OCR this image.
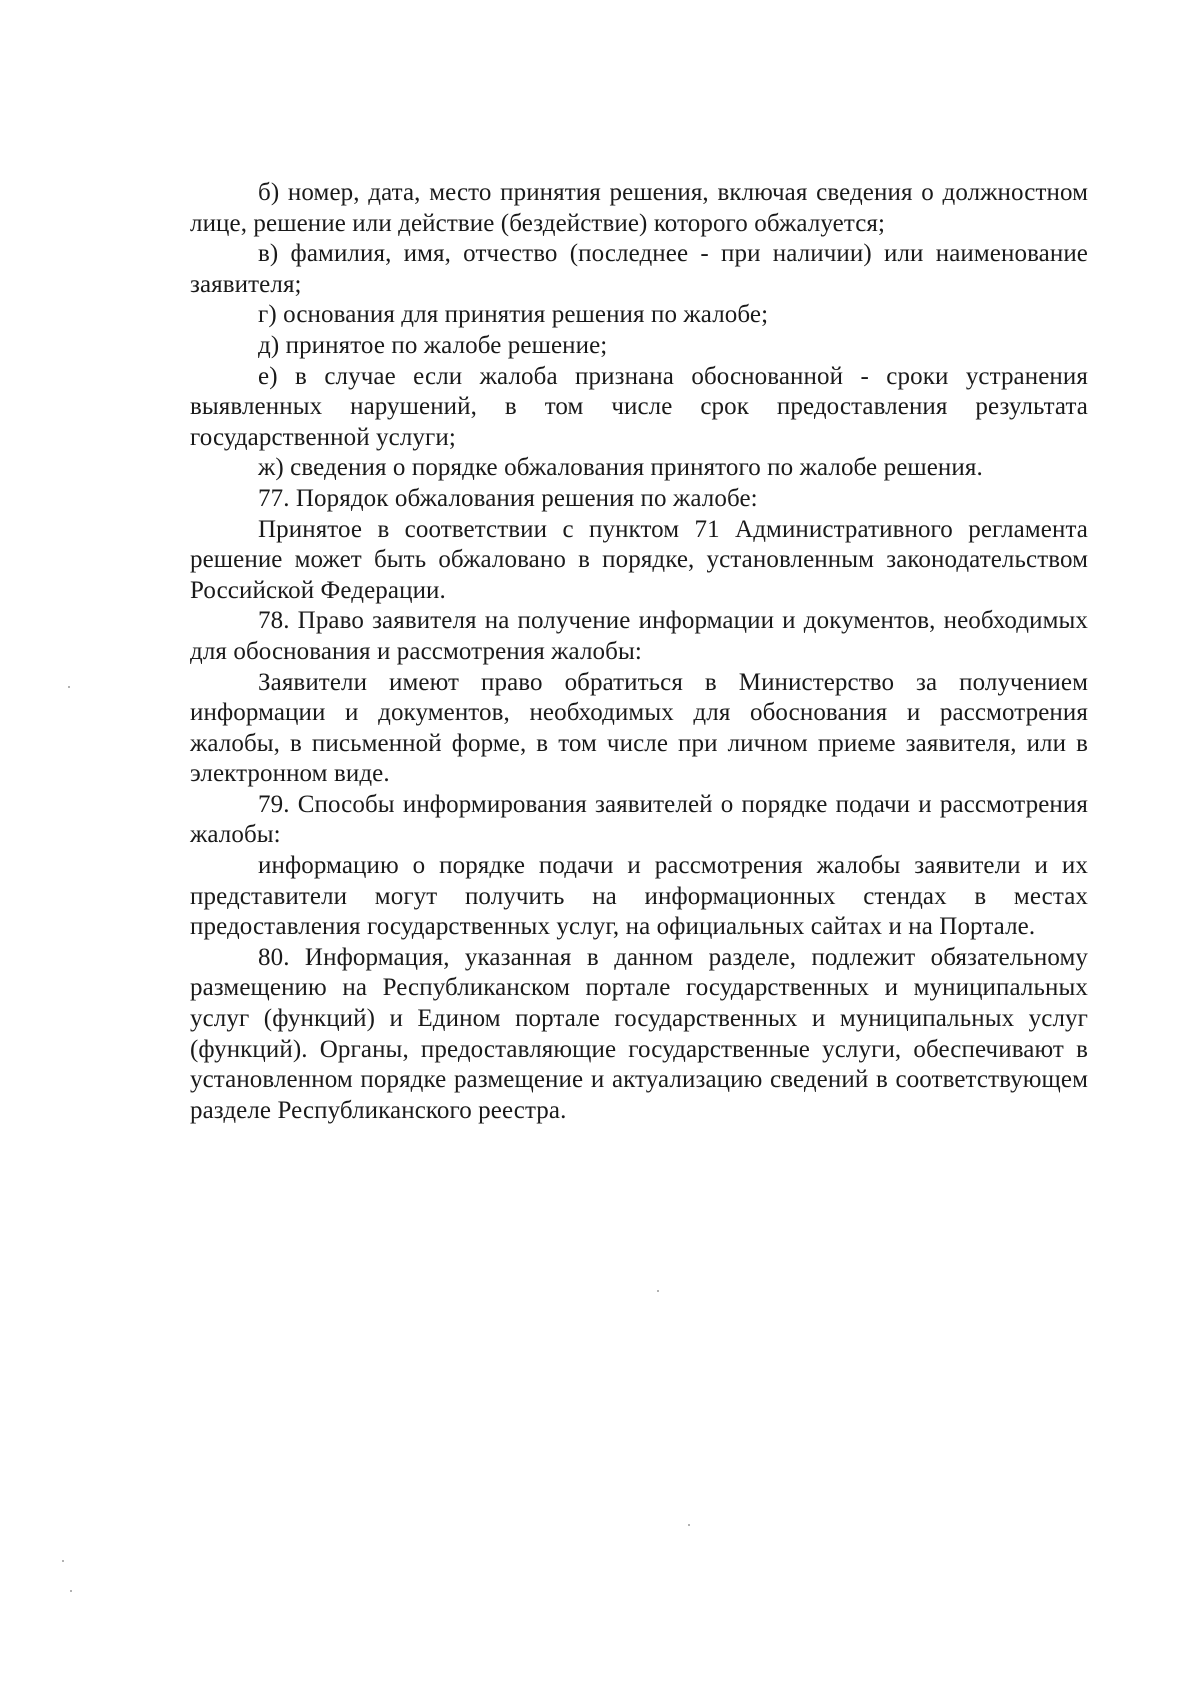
б) номер, дата, место принятия решения, включая сведения о должностном лице, решение или действие (бездействие) которого обжалуется;

в) фамилия, имя, отчество (последнее - при наличии) или наименование заявителя;

г) основания для принятия решения по жалобе;

д) принятое по жалобе решение;

е) в случае если жалоба признана обоснованной - сроки устранения выявленных нарушений, в том числе срок предоставления результата государственной услуги;

ж) сведения о порядке обжалования принятого по жалобе решения.

77. Порядок обжалования решения по жалобе:

Принятое в соответствии с пунктом 71 Административного регламента решение может быть обжаловано в порядке, установленным законодательством Российской Федерации.

78. Право заявителя на получение информации и документов, необходимых для обоснования и рассмотрения жалобы:

Заявители имеют право обратиться в Министерство за получением информации и документов, необходимых для обоснования и рассмотрения жалобы, в письменной форме, в том числе при личном приеме заявителя, или в электронном виде.

79. Способы информирования заявителей о порядке подачи и рассмотрения жалобы:

информацию о порядке подачи и рассмотрения жалобы заявители и их представители могут получить на информационных стендах в местах предоставления государственных услуг, на официальных сайтах и на Портале.

80. Информация, указанная в данном разделе, подлежит обязательному размещению на Республиканском портале государственных и муниципальных услуг (функций) и Едином портале государственных и муниципальных услуг (функций). Органы, предоставляющие государственные услуги, обеспечивают в установленном порядке размещение и актуализацию сведений в соответствующем разделе Республиканского реестра.
